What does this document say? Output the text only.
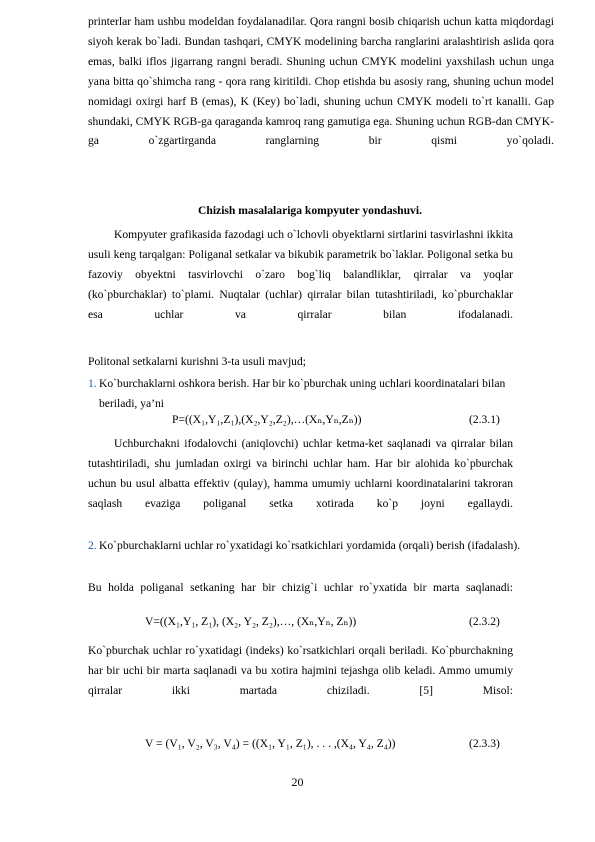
printerlar ham ushbu modeldan foydalanadilar. Qora rangni bosib chiqarish uchun katta miqdordagi siyoh kerak bo`ladi. Bundan tashqari, CMYK modelining barcha ranglarini aralashtirish aslida qora emas, balki iflos jigarrang rangni beradi. Shuning uchun CMYK modelini yaxshilash uchun unga yana bitta qo`shimcha rang - qora rang kiritildi. Chop etishda bu asosiy rang, shuning uchun model nomidagi oxirgi harf B (emas), K (Key) bo`ladi, shuning uchun CMYK modeli to`rt kanalli. Gap shundaki, CMYK RGB-ga qaraganda kamroq rang gamutiga ega. Shuning uchun RGB-dan CMYK-ga o`zgartirganda ranglarning bir qismi yo`qoladi.

Chizish masalalariga kompyuter yondashuvi.

Kompyuter grafikasida fazodagi uch o`lchovli obyektlarni sirtlarini tasvirlashni ikkita usuli keng tarqalgan: Poliganal setkalar va bikubik parametrik bo`laklar. Poligonal setka bu fazoviy obyektni tasvirlovchi o`zaro bog`liq balandliklar, qirralar va yoqlar (ko`pburchaklar) to`plami. Nuqtalar (uchlar) qirralar bilan tutashtiriladi, ko`pburchaklar esa uchlar va qirralar bilan ifodalanadi.

Politonal setkalarni kurishni 3-ta usuli mavjud;

1. Ko`burchaklarni oshkora berish. Har bir ko`pburchak uning uchlari koordinatalari bilan beriladi, ya’ni
P=((X₁,Y₁,Z₁),(X₂,Y₂,Z₂),…(Xₙ,Yₙ,Zₙ))	(2.3.1)

Uchburchakni ifodalovchi (aniqlovchi) uchlar ketma-ket saqlanadi va qirralar bilan tutashtiriladi, shu jumladan oxirgi va birinchi uchlar ham. Har bir alohida ko`pburchak uchun bu usul albatta effektiv (qulay), hamma umumiy uchlarni koordinatalarini takroran saqlash evaziga poliganal setka xotirada ko`p joyni egallaydi.

2. Ko`pburchaklarni uchlar ro`yxatidagi ko`rsatkichlari yordamida (orqali) berish (ifadalash).

Bu holda poliganal setkaning har bir chizig`i uchlar ro`yxatida bir marta saqlanadi:

V=((X₁,Y₁, Z₁), (X₂, Y₂, Z₂),…, (Xₙ,Yₙ, Zₙ))	(2.3.2)

Ko`pburchak uchlar ro`yxatidagi (indeks) ko`rsatkichlari orqali beriladi. Ko`pburchakning har bir uchi bir marta saqlanadi va bu xotira hajmini tejashga olib keladi. Ammo umumiy qirralar ikki martada chiziladi. [5] Misol:

V = (V₁, V₂, V₃, V₄) = ((X₁, Y₁, Z₁), . . . ,(X₄, Y₄, Z₄))	(2.3.3)
20
